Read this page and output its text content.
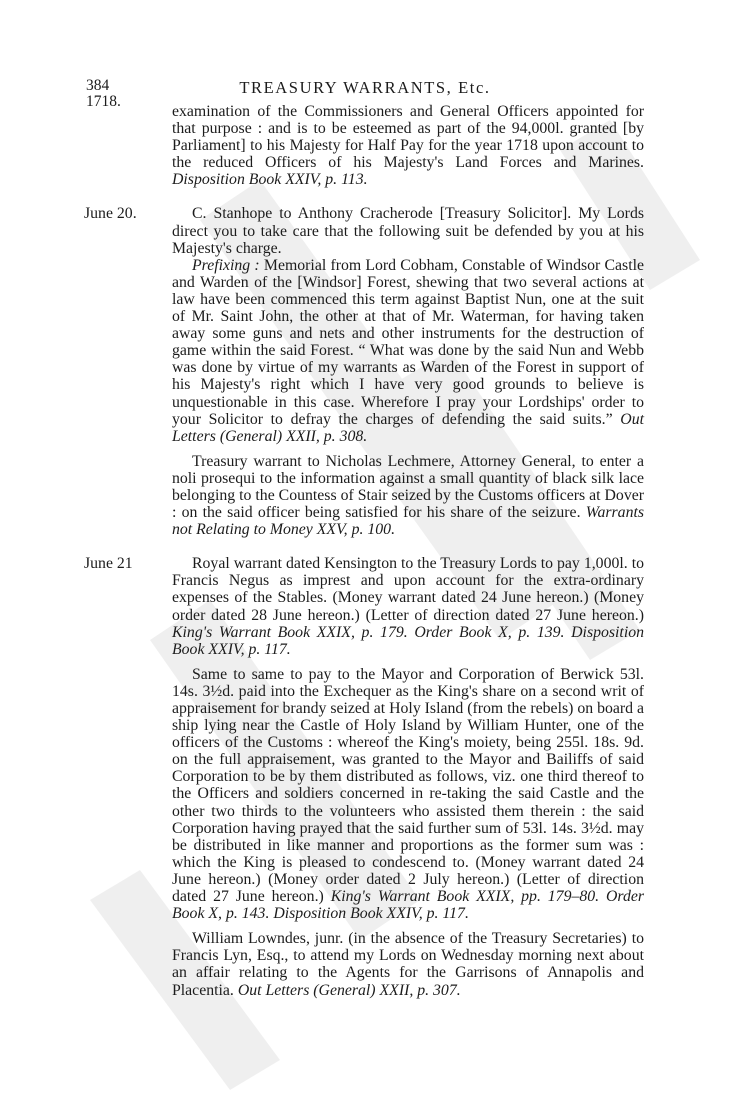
384
1718.
TREASURY WARRANTS, Etc.

examination of the Commissioners and General Officers appointed for that purpose : and is to be esteemed as part of the 94,000l. granted [by Parliament] to his Majesty for Half Pay for the year 1718 upon account to the reduced Officers of his Majesty's Land Forces and Marines. Disposition Book XXIV, p. 113.

June 20.	C. Stanhope to Anthony Cracherode [Treasury Solicitor]. My Lords direct you to take care that the following suit be defended by you at his Majesty's charge.

Prefixing : Memorial from Lord Cobham, Constable of Windsor Castle and Warden of the [Windsor] Forest, shewing that two several actions at law have been commenced this term against Baptist Nun, one at the suit of Mr. Saint John, the other at that of Mr. Waterman, for having taken away some guns and nets and other instruments for the destruction of game within the said Forest. “ What was done by the said Nun and Webb was done by virtue of my warrants as Warden of the Forest in support of his Majesty's right which I have very good grounds to believe is unquestionable in this case. Wherefore I pray your Lordships' order to your Solicitor to defray the charges of defending the said suits.” Out Letters (General) XXII, p. 308.

Treasury warrant to Nicholas Lechmere, Attorney General, to enter a noli prosequi to the information against a small quantity of black silk lace belonging to the Countess of Stair seized by the Customs officers at Dover : on the said officer being satisfied for his share of the seizure. Warrants not Relating to Money XXV, p. 100.

June 21	Royal warrant dated Kensington to the Treasury Lords to pay 1,000l. to Francis Negus as imprest and upon account for the extra-ordinary expenses of the Stables. (Money warrant dated 24 June hereon.) (Money order dated 28 June hereon.) (Letter of direction dated 27 June hereon.) King's Warrant Book XXIX, p. 179. Order Book X, p. 139. Disposition Book XXIV, p. 117.

Same to same to pay to the Mayor and Corporation of Berwick 53l. 14s. 3½d. paid into the Exchequer as the King's share on a second writ of appraisement for brandy seized at Holy Island (from the rebels) on board a ship lying near the Castle of Holy Island by William Hunter, one of the officers of the Customs : whereof the King's moiety, being 255l. 18s. 9d. on the full appraisement, was granted to the Mayor and Bailiffs of said Corporation to be by them distributed as follows, viz. one third thereof to the Officers and soldiers concerned in re-taking the said Castle and the other two thirds to the volunteers who assisted them therein : the said Corporation having prayed that the said further sum of 53l. 14s. 3½d. may be distributed in like manner and proportions as the former sum was : which the King is pleased to condescend to. (Money warrant dated 24 June hereon.) (Money order dated 2 July hereon.) (Letter of direction dated 27 June hereon.) King's Warrant Book XXIX, pp. 179–80. Order Book X, p. 143. Disposition Book XXIV, p. 117.

William Lowndes, junr. (in the absence of the Treasury Secretaries) to Francis Lyn, Esq., to attend my Lords on Wednesday morning next about an affair relating to the Agents for the Garrisons of Annapolis and Placentia. Out Letters (General) XXII, p. 307.
